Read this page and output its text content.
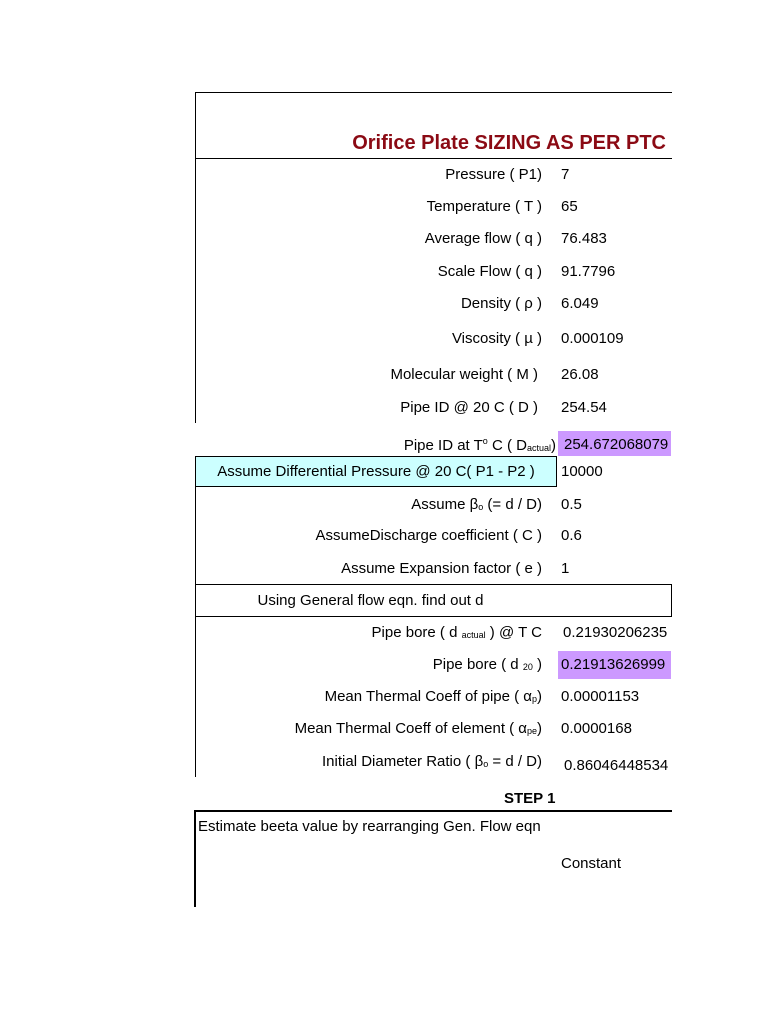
Orifice Plate SIZING AS PER PTC
Pressure ( P1) 7
Temperature ( T ) 65
Average flow ( q ) 76.483
Scale Flow ( q ) 91.7796
Density ( ρ ) 6.049
Viscosity ( µ ) 0.000109
Molecular weight ( M ) 26.08
Pipe ID @ 20 C ( D ) 254.54
Pipe ID at $T^o$ C ( $D_{actual}$) 254.672068079
Assume Differential Pressure @ 20 C( P1 - P2 )	10000
Assume $\beta_o$ (= d / D) 0.5
AssumeDischarge coefficient ( C ) 0.6
Assume Expansion factor ( e ) 1
Using General flow eqn. find out d
Pipe bore ( d $_{actual}$ ) @ T C 0.21930206235
Pipe bore ( d $_{20}$ ) 0.21913626999
Mean Thermal Coeff of pipe ( $\alpha_p$) 0.00001153
Mean Thermal Coeff of element ( $\alpha_{pe}$) 0.0000168
Initial Diameter Ratio ( $\beta_o = d / D$) 0.86046448534
STEP 1
Estimate beeta value by rearranging Gen. Flow eqn
Constant
